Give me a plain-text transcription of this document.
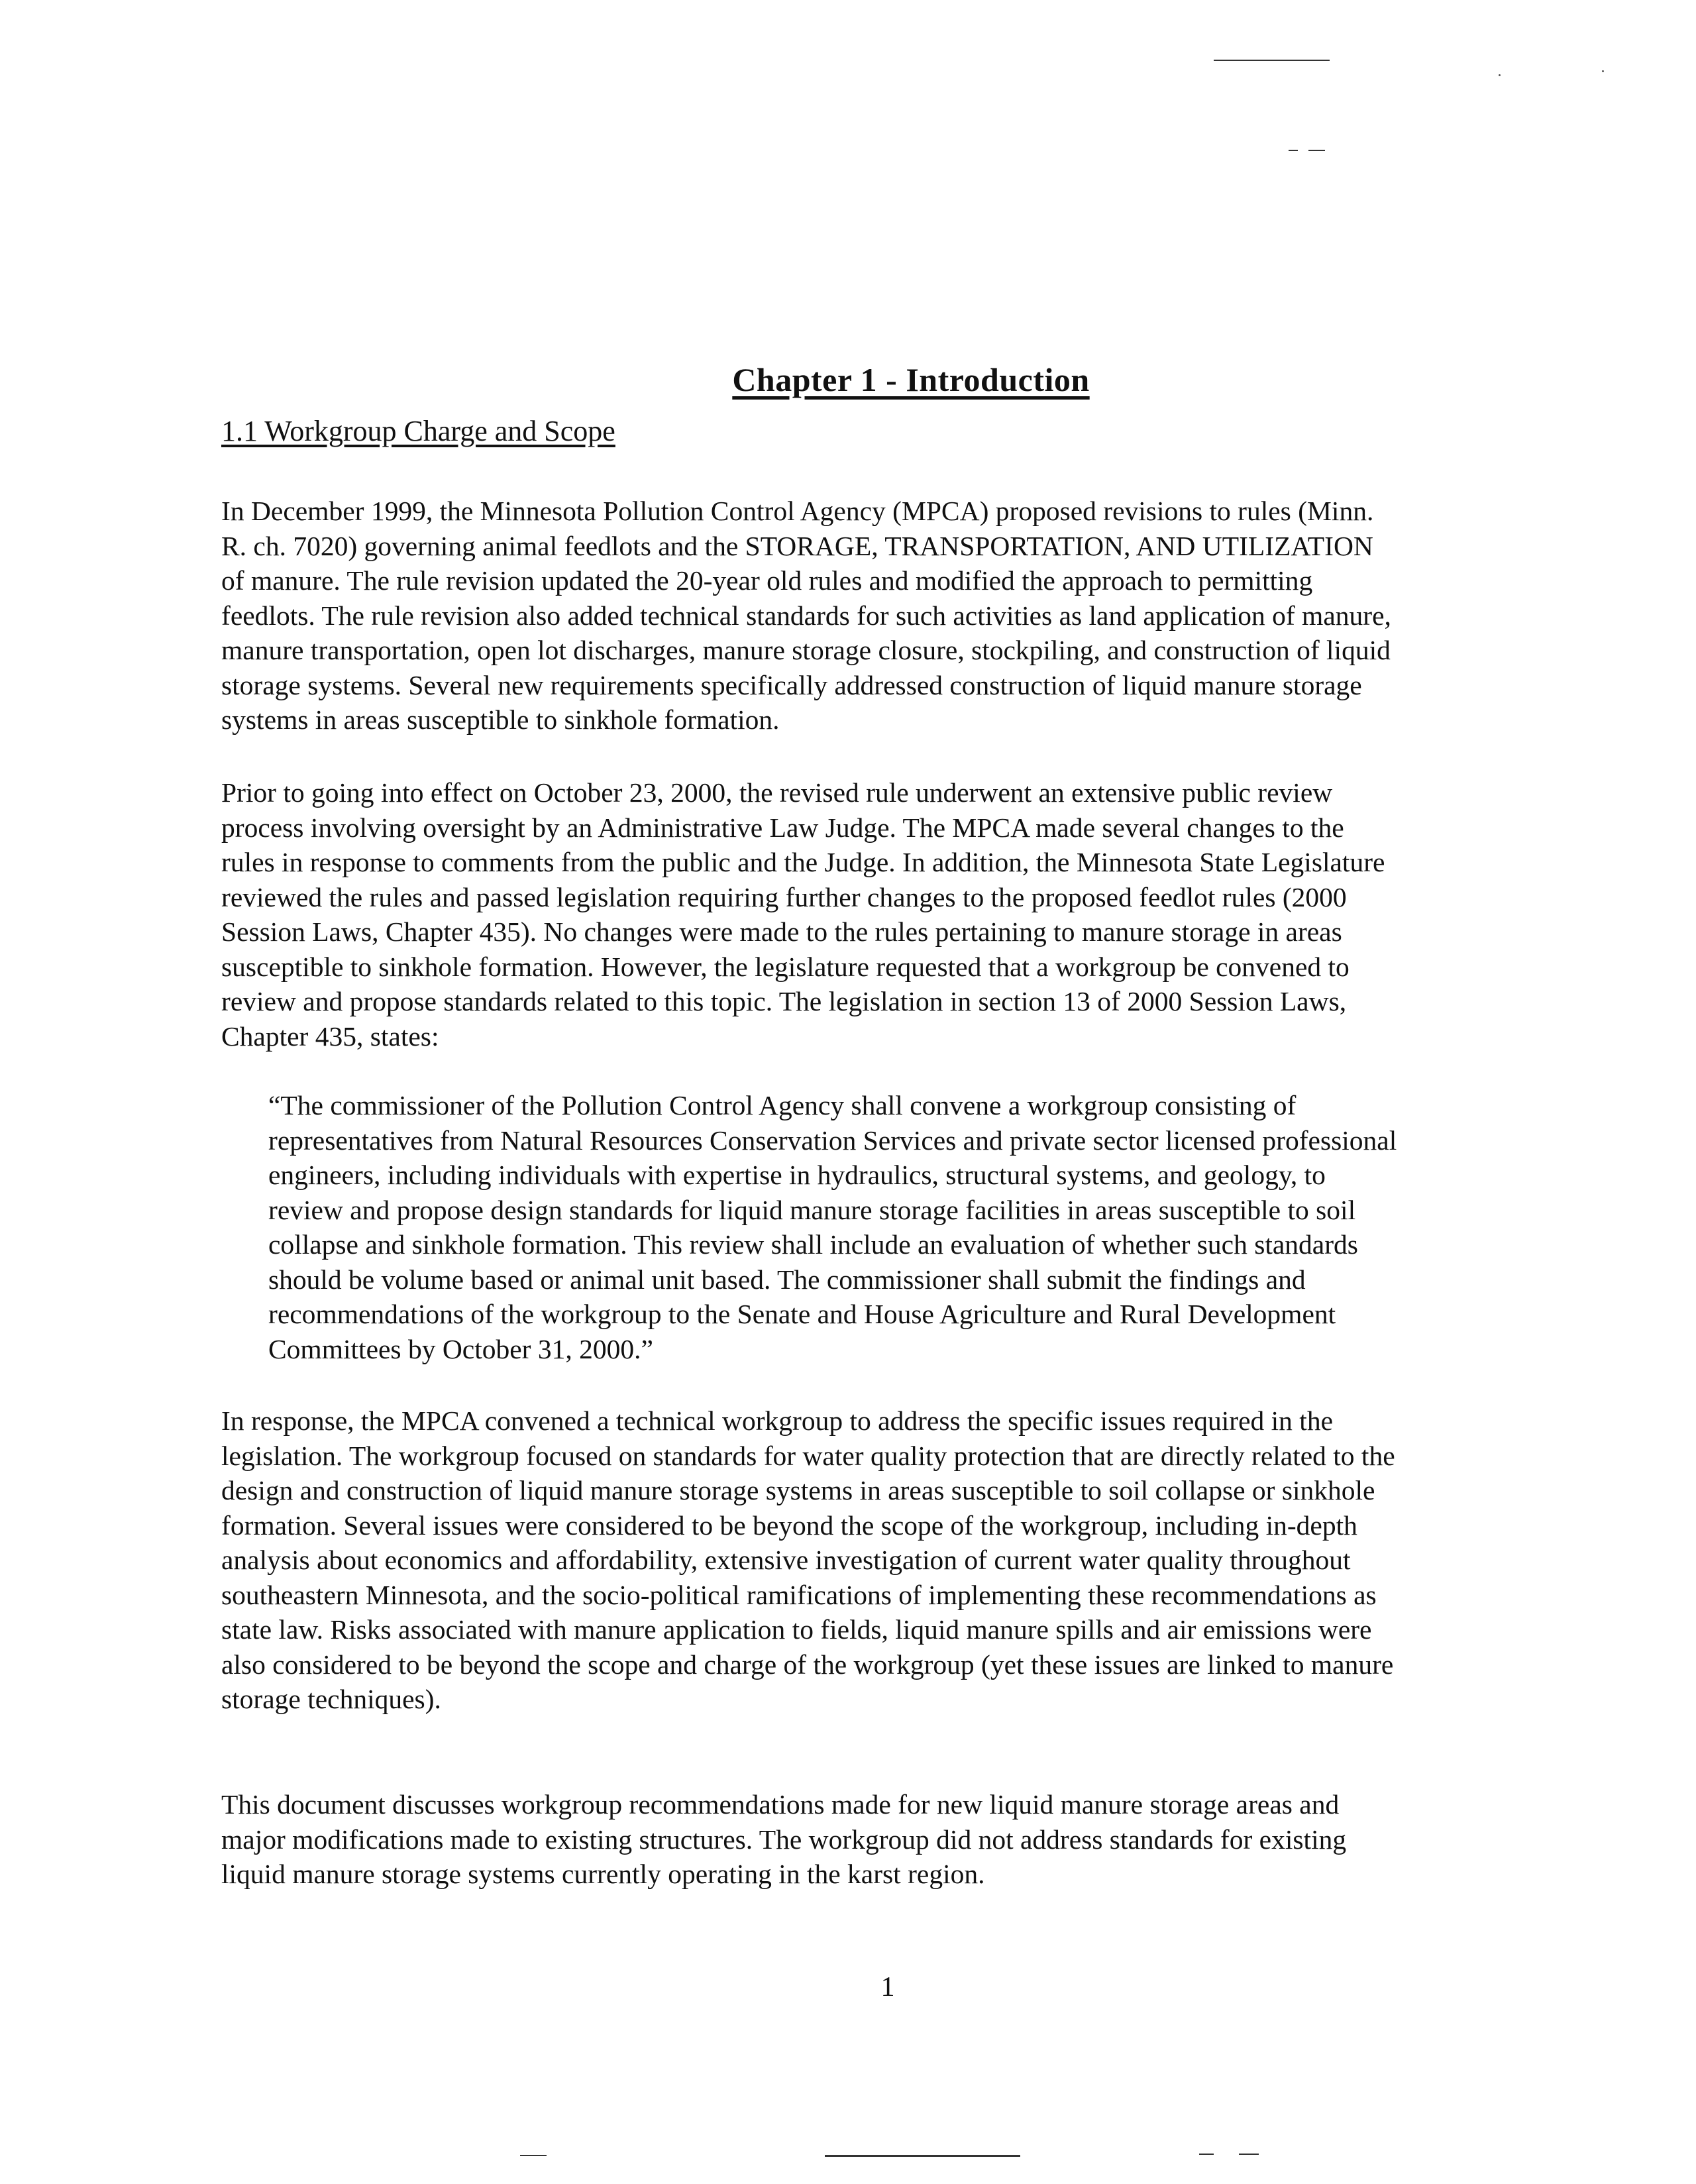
Chapter 1 - Introduction
1.1 Workgroup Charge and Scope

In December 1999, the Minnesota Pollution Control Agency (MPCA) proposed revisions to rules (Minn. R. ch. 7020) governing animal feedlots and the STORAGE, TRANSPORTATION, AND UTILIZATION of manure. The rule revision updated the 20-year old rules and modified the approach to permitting feedlots. The rule revision also added technical standards for such activities as land application of manure, manure transportation, open lot discharges, manure storage closure, stockpiling, and construction of liquid storage systems. Several new requirements specifically addressed construction of liquid manure storage systems in areas susceptible to sinkhole formation.

Prior to going into effect on October 23, 2000, the revised rule underwent an extensive public review process involving oversight by an Administrative Law Judge. The MPCA made several changes to the rules in response to comments from the public and the Judge. In addition, the Minnesota State Legislature reviewed the rules and passed legislation requiring further changes to the proposed feedlot rules (2000 Session Laws, Chapter 435). No changes were made to the rules pertaining to manure storage in areas susceptible to sinkhole formation. However, the legislature requested that a workgroup be convened to review and propose standards related to this topic. The legislation in section 13 of 2000 Session Laws, Chapter 435, states:

“The commissioner of the Pollution Control Agency shall convene a workgroup consisting of representatives from Natural Resources Conservation Services and private sector licensed professional engineers, including individuals with expertise in hydraulics, structural systems, and geology, to review and propose design standards for liquid manure storage facilities in areas susceptible to soil collapse and sinkhole formation. This review shall include an evaluation of whether such standards should be volume based or animal unit based. The commissioner shall submit the findings and recommendations of the workgroup to the Senate and House Agriculture and Rural Development Committees by October 31, 2000.”

In response, the MPCA convened a technical workgroup to address the specific issues required in the legislation. The workgroup focused on standards for water quality protection that are directly related to the design and construction of liquid manure storage systems in areas susceptible to soil collapse or sinkhole formation. Several issues were considered to be beyond the scope of the workgroup, including in-depth analysis about economics and affordability, extensive investigation of current water quality throughout southeastern Minnesota, and the socio-political ramifications of implementing these recommendations as state law. Risks associated with manure application to fields, liquid manure spills and air emissions were also considered to be beyond the scope and charge of the workgroup (yet these issues are linked to manure storage techniques).

This document discusses workgroup recommendations made for new liquid manure storage areas and major modifications made to existing structures. The workgroup did not address standards for existing liquid manure storage systems currently operating in the karst region.

1
